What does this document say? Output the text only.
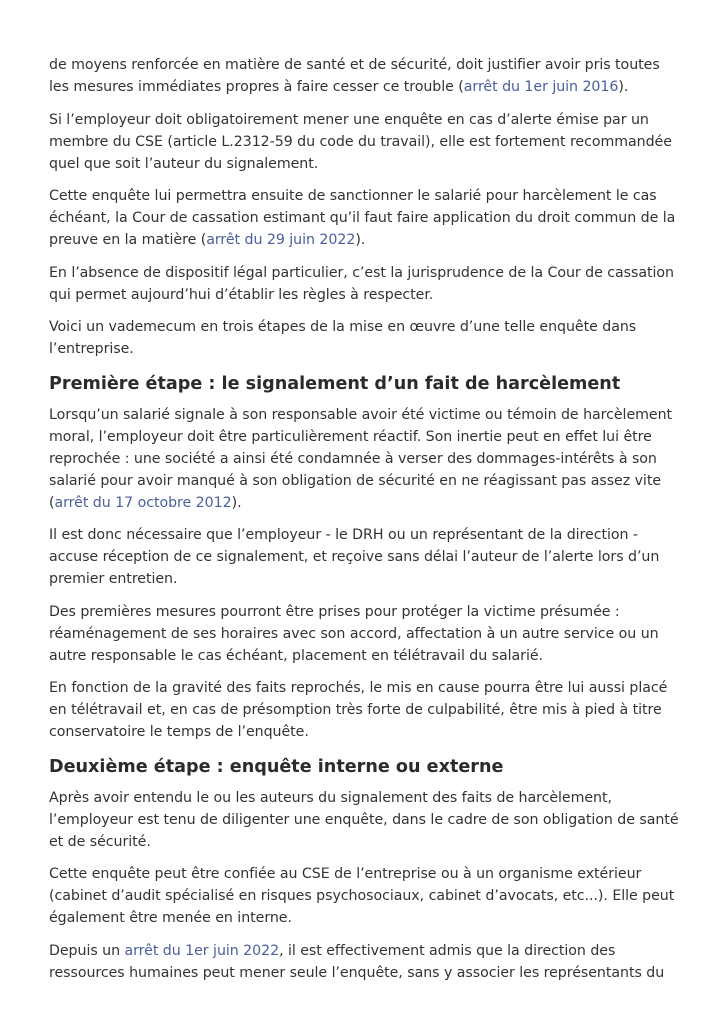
de moyens renforcée en matière de santé et de sécurité, doit justifier avoir pris toutes les mesures immédiates propres à faire cesser ce trouble (arrêt du 1er juin 2016).

Si l’employeur doit obligatoirement mener une enquête en cas d’alerte émise par un membre du CSE (article L.2312-59 du code du travail), elle est fortement recommandée quel que soit l’auteur du signalement.

Cette enquête lui permettra ensuite de sanctionner le salarié pour harcèlement le cas échéant, la Cour de cassation estimant qu’il faut faire application du droit commun de la preuve en la matière (arrêt du 29 juin 2022).

En l’absence de dispositif légal particulier, c’est la jurisprudence de la Cour de cassation qui permet aujourd’hui d’établir les règles à respecter.

Voici un vademecum en trois étapes de la mise en œuvre d’une telle enquête dans l’entreprise.

Première étape : le signalement d’un fait de harcèlement

Lorsqu’un salarié signale à son responsable avoir été victime ou témoin de harcèlement moral, l’employeur doit être particulièrement réactif. Son inertie peut en effet lui être reprochée : une société a ainsi été condamnée à verser des dommages-intérêts à son salarié pour avoir manqué à son obligation de sécurité en ne réagissant pas assez vite (arrêt du 17 octobre 2012).

Il est donc nécessaire que l’employeur - le DRH ou un représentant de la direction -  accuse réception de ce signalement, et reçoive sans délai l’auteur de l’alerte lors d’un premier entretien.

Des premières mesures pourront être prises pour protéger la victime présumée : réaménagement de ses horaires avec son accord, affectation à un autre service ou un autre responsable le cas échéant, placement en télétravail du salarié.

En fonction de la gravité des faits reprochés, le mis en cause pourra être lui aussi placé en télétravail et, en cas de présomption très forte de culpabilité, être mis à pied à titre conservatoire le temps de l’enquête.

Deuxième étape : enquête interne ou externe

Après avoir entendu le ou les auteurs du signalement des faits de harcèlement, l’employeur est tenu de diligenter une enquête, dans le cadre de son obligation de santé et de sécurité.

Cette enquête peut être confiée au CSE de l’entreprise ou à un organisme extérieur (cabinet d’audit spécialisé en risques psychosociaux, cabinet d’avocats, etc...). Elle peut également être menée en interne.

Depuis un arrêt du 1er juin 2022, il est effectivement admis que la direction des ressources humaines peut mener seule l’enquête, sans y associer les représentants du
